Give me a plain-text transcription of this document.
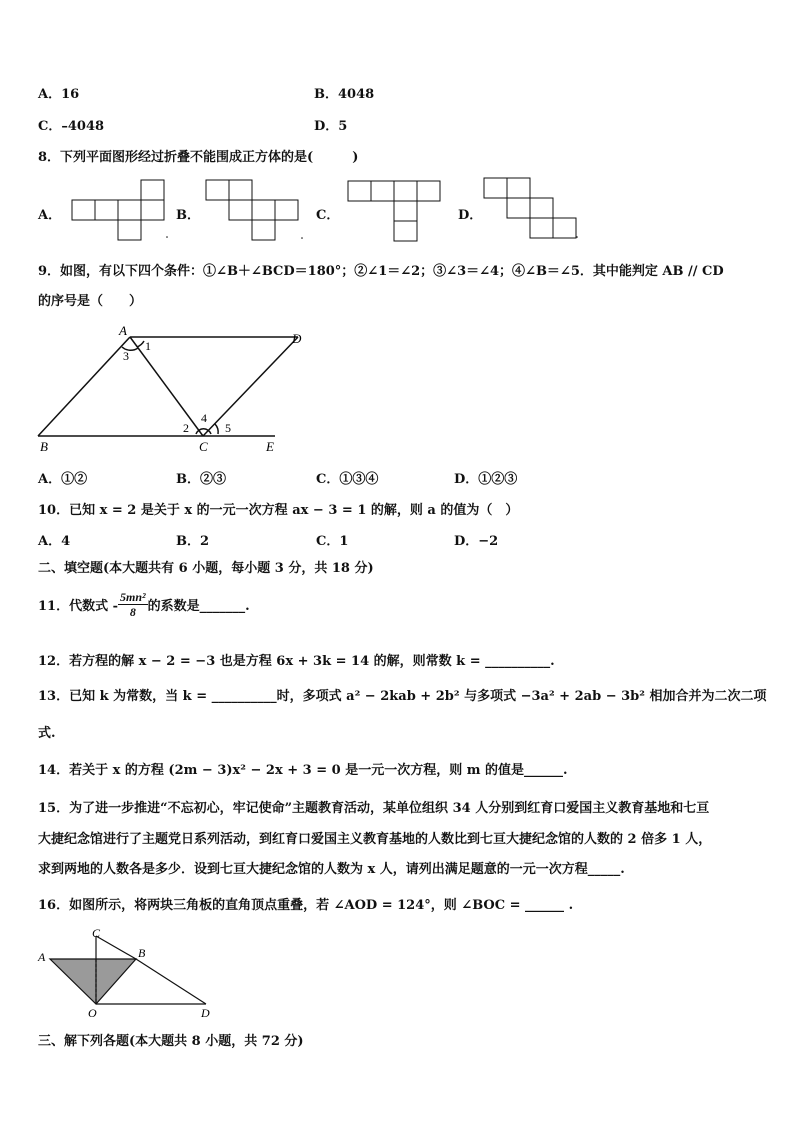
A．16	B．4048
C．–4048	D．5
8．下列平面图形经过折叠不能围成正方体的是(　　　)
A．	B．	C．	D．
9．如图，有以下四个条件：①∠B＋∠BCD＝180°；②∠1＝∠2；③∠3＝∠4；④∠B＝∠5．其中能判定 AB // CD
的序号是（　　）
A
D
B	C	E
1
3
4
2	5
A．①②	B．②③	C．①③④	D．①②③
10．已知 x = 2 是关于 x 的一元一次方程 ax − 3 = 1 的解，则 a 的值为（　）
A．4	B．2	C．1	D．−2
二、填空题(本大题共有 6 小题，每小题 3 分，共 18 分)
11．代数式 - $\frac{\text{5mn²}}{8}$ 的系数是_______.
12．若方程的解 x − 2 = −3 也是方程 6x + 3k = 14 的解，则常数 k = __________.
13．已知 k 为常数，当 k = __________时，多项式 a² − 2kab + 2b² 与多项式 −3a² + 2ab − 3b² 相加合并为二次二项
式.
14．若关于 x 的方程 (2m − 3)x² − 2x + 3 = 0 是一元一次方程，则 m 的值是______.
15．为了进一步推进“不忘初心，牢记使命”主题教育活动，某单位组织 34 人分别到红育口爱国主义教育基地和七亘
大捷纪念馆进行了主题党日系列活动，到红育口爱国主义教育基地的人数比到七亘大捷纪念馆的人数的 2 倍多 1 人，
求到两地的人数各是多少．设到七亘大捷纪念馆的人数为 x 人，请列出满足题意的一元一次方程_____.
16．如图所示，将两块三角板的直角顶点重叠，若 ∠AOD = 124°，则 ∠BOC = ______ .
A	B
C
D
O
三、解下列各题(本大题共 8 小题，共 72 分)
